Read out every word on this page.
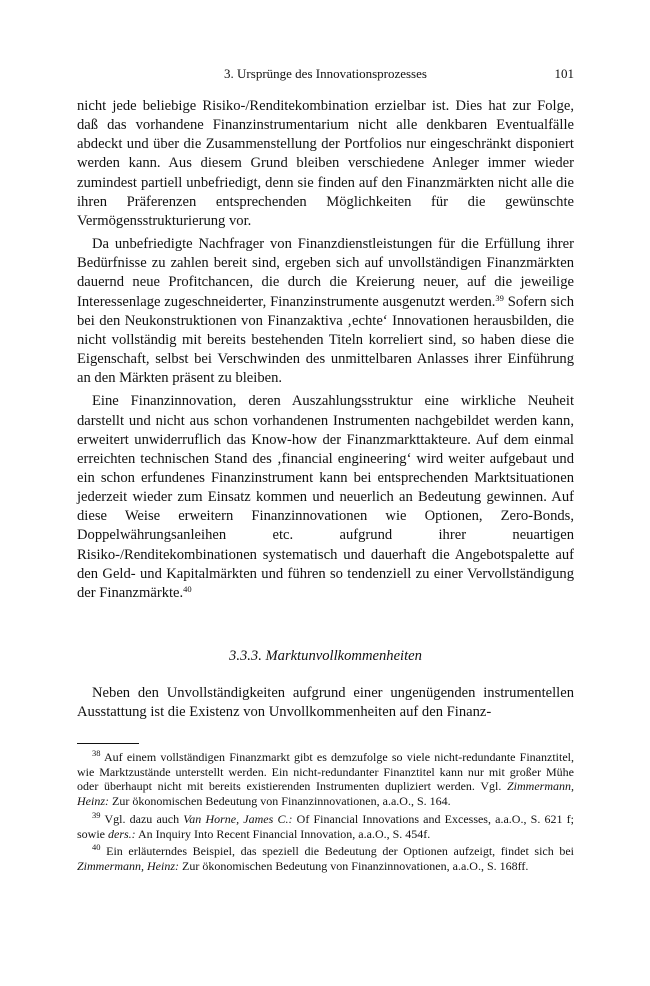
3. Ursprünge des Innovationsprozesses	101

nicht jede beliebige Risiko-/Renditekombination erzielbar ist. Dies hat zur Folge, daß das vorhandene Finanzinstrumentarium nicht alle denkbaren Eventualfälle abdeckt und über die Zusammenstellung der Portfolios nur eingeschränkt disponiert werden kann. Aus diesem Grund bleiben verschiedene Anleger immer wieder zumindest partiell unbefriedigt, denn sie finden auf den Finanzmärkten nicht alle die ihren Präferenzen entsprechenden Möglichkeiten für die gewünschte Vermögensstrukturierung vor.

Da unbefriedigte Nachfrager von Finanzdienstleistungen für die Erfüllung ihrer Bedürfnisse zu zahlen bereit sind, ergeben sich auf unvollständigen Finanzmärkten dauernd neue Profitchancen, die durch die Kreierung neuer, auf die jeweilige Interessenlage zugeschneiderter, Finanzinstrumente ausgenutzt werden.$^{39}$ Sofern sich bei den Neukonstruktionen von Finanzaktiva ‚echte‘ Innovationen herausbilden, die nicht vollständig mit bereits bestehenden Titeln korreliert sind, so haben diese die Eigenschaft, selbst bei Verschwinden des unmittelbaren Anlasses ihrer Einführung an den Märkten präsent zu bleiben.

Eine Finanzinnovation, deren Auszahlungsstruktur eine wirkliche Neuheit darstellt und nicht aus schon vorhandenen Instrumenten nachgebildet werden kann, erweitert unwiderruflich das Know-how der Finanzmarkttakteure. Auf dem einmal erreichten technischen Stand des ‚financial engineering‘ wird weiter aufgebaut und ein schon erfundenes Finanzinstrument kann bei entsprechenden Marktsituationen jederzeit wieder zum Einsatz kommen und neuerlich an Bedeutung gewinnen. Auf diese Weise erweitern Finanzinnovationen wie Optionen, Zero-Bonds, Doppelwährungsanleihen etc. aufgrund ihrer neuartigen Risiko-/Renditekombinationen systematisch und dauerhaft die Angebotspalette auf den Geld- und Kapitalmärkten und führen so tendenziell zu einer Vervollständigung der Finanzmärkte.$^{40}$

3.3.3. Marktunvollkommenheiten

Neben den Unvollständigkeiten aufgrund einer ungenügenden instrumentellen Ausstattung ist die Existenz von Unvollkommenheiten auf den Finanz-

$^{38}$ Auf einem vollständigen Finanzmarkt gibt es demzufolge so viele nicht-redundante Finanztitel, wie Marktzustände unterstellt werden. Ein nicht-redundanter Finanztitel kann nur mit großer Mühe oder überhaupt nicht mit bereits existierenden Instrumenten dupliziert werden. Vgl. Zimmermann, Heinz: Zur ökonomischen Bedeutung von Finanzinnovationen, a.a.O., S. 164.

$^{39}$ Vgl. dazu auch Van Horne, James C.: Of Financial Innovations and Excesses, a.a.O., S. 621 f; sowie ders.: An Inquiry Into Recent Financial Innovation, a.a.O., S. 454f.

$^{40}$ Ein erläuterndes Beispiel, das speziell die Bedeutung der Optionen aufzeigt, findet sich bei Zimmermann, Heinz: Zur ökonomischen Bedeutung von Finanzinnovationen, a.a.O., S. 168ff.
